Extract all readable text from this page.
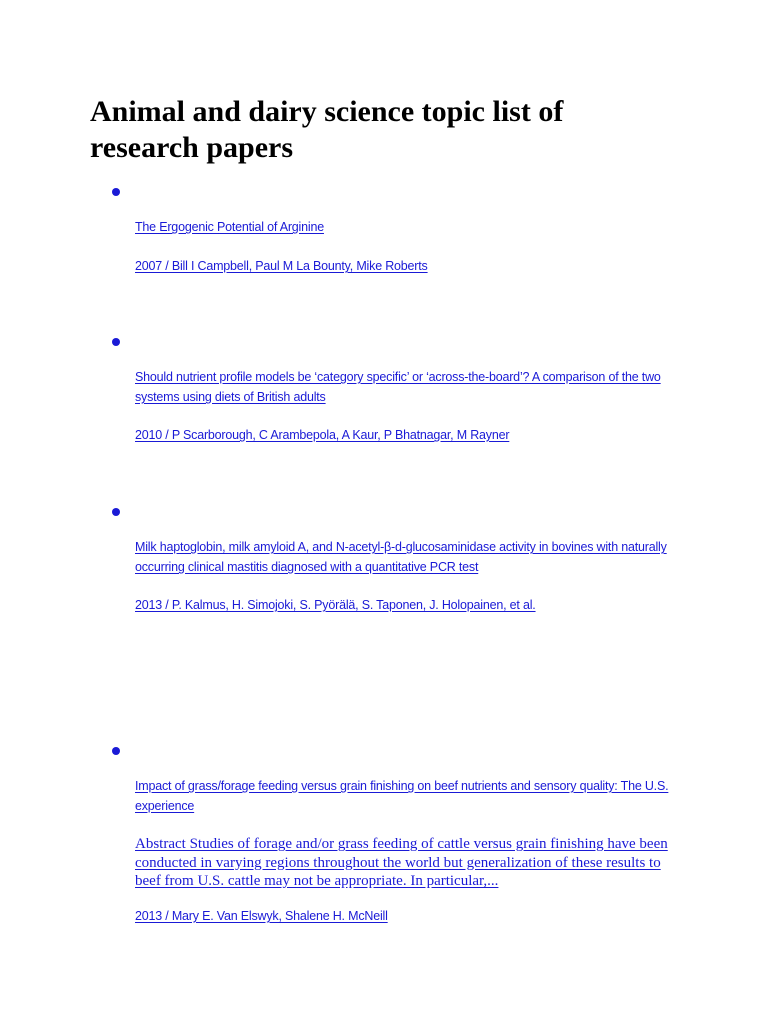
Animal and dairy science topic list of research papers
The Ergogenic Potential of Arginine
2007 / Bill I Campbell, Paul M La Bounty, Mike Roberts
Should nutrient profile models be ‘category specific’ or ‘across-the-board’? A comparison of the two systems using diets of British adults
2010 / P Scarborough, C Arambepola, A Kaur, P Bhatnagar, M Rayner
Milk haptoglobin, milk amyloid A, and N-acetyl-β-d-glucosaminidase activity in bovines with naturally occurring clinical mastitis diagnosed with a quantitative PCR test
2013 / P. Kalmus, H. Simojoki, S. Pyörälä, S. Taponen, J. Holopainen, et al.
Impact of grass/forage feeding versus grain finishing on beef nutrients and sensory quality: The U.S. experience
Abstract Studies of forage and/or grass feeding of cattle versus grain finishing have been conducted in varying regions throughout the world but generalization of these results to beef from U.S. cattle may not be appropriate. In particular,...
2013 / Mary E. Van Elswyk, Shalene H. McNeill
